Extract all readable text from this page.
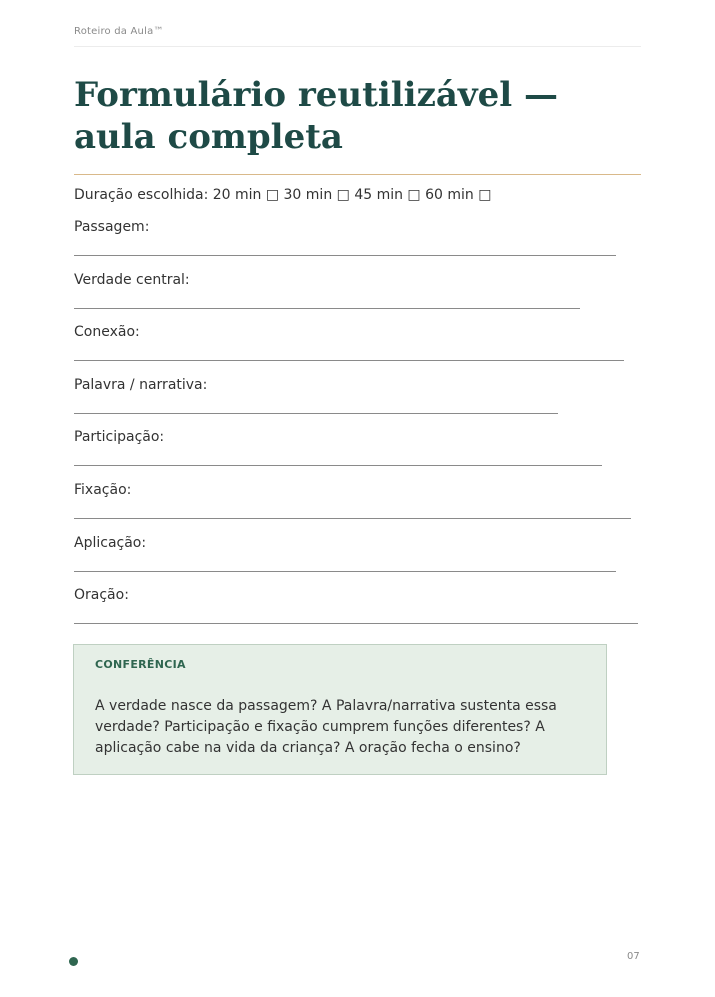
Roteiro da Aula™
Formulário reutilizável — aula completa
Duração escolhida: 20 min □ 30 min □ 45 min □ 60 min □
Passagem:
Verdade central:
Conexão:
Palavra / narrativa:
Participação:
Fixação:
Aplicação:
Oração:
CONFERÊNCIA
A verdade nasce da passagem? A Palavra/narrativa sustenta essa verdade? Participação e fixação cumprem funções diferentes? A aplicação cabe na vida da criança? A oração fecha o ensino?
07
